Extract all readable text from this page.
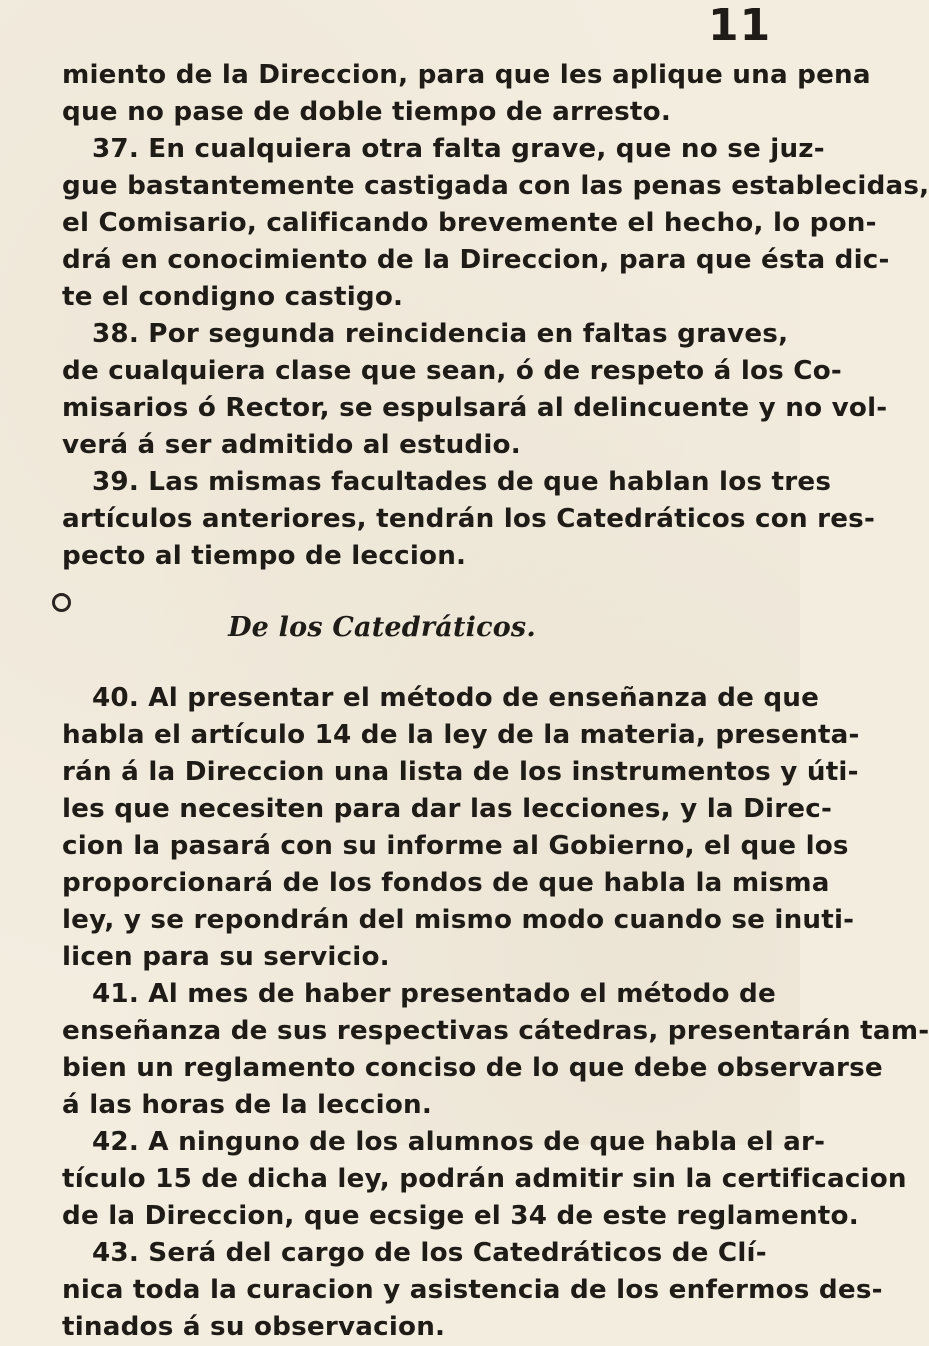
11
miento de la Direccion, para que les aplique una pena
que no pase de doble tiempo de arresto.
37. En cualquiera otra falta grave, que no se juz-
gue bastantemente castigada con las penas establecidas,
el Comisario, calificando brevemente el hecho, lo pon-
drá en conocimiento de la Direccion, para que ésta dic-
te el condigno castigo.
38. Por segunda reincidencia en faltas graves,
de cualquiera clase que sean, ó de respeto á los Co-
misarios ó Rector, se espulsará al delincuente y no vol-
verá á ser admitido al estudio.
39. Las mismas facultades de que hablan los tres
artículos anteriores, tendrán los Catedráticos con res-
pecto al tiempo de leccion.
De los Catedráticos.
40. Al presentar el método de enseñanza de que
habla el artículo 14 de la ley de la materia, presenta-
rán á la Direccion una lista de los instrumentos y úti-
les que necesiten para dar las lecciones, y la Direc-
cion la pasará con su informe al Gobierno, el que los
proporcionará de los fondos de que habla la misma
ley, y se repondrán del mismo modo cuando se inuti-
licen para su servicio.
41. Al mes de haber presentado el método de
enseñanza de sus respectivas cátedras, presentarán tam-
bien un reglamento conciso de lo que debe observarse
á las horas de la leccion.
42. A ninguno de los alumnos de que habla el ar-
tículo 15 de dicha ley, podrán admitir sin la certificacion
de la Direccion, que ecsige el 34 de este reglamento.
43. Será del cargo de los Catedráticos de Clí-
nica toda la curacion y asistencia de los enfermos des-
tinados á su observacion.
